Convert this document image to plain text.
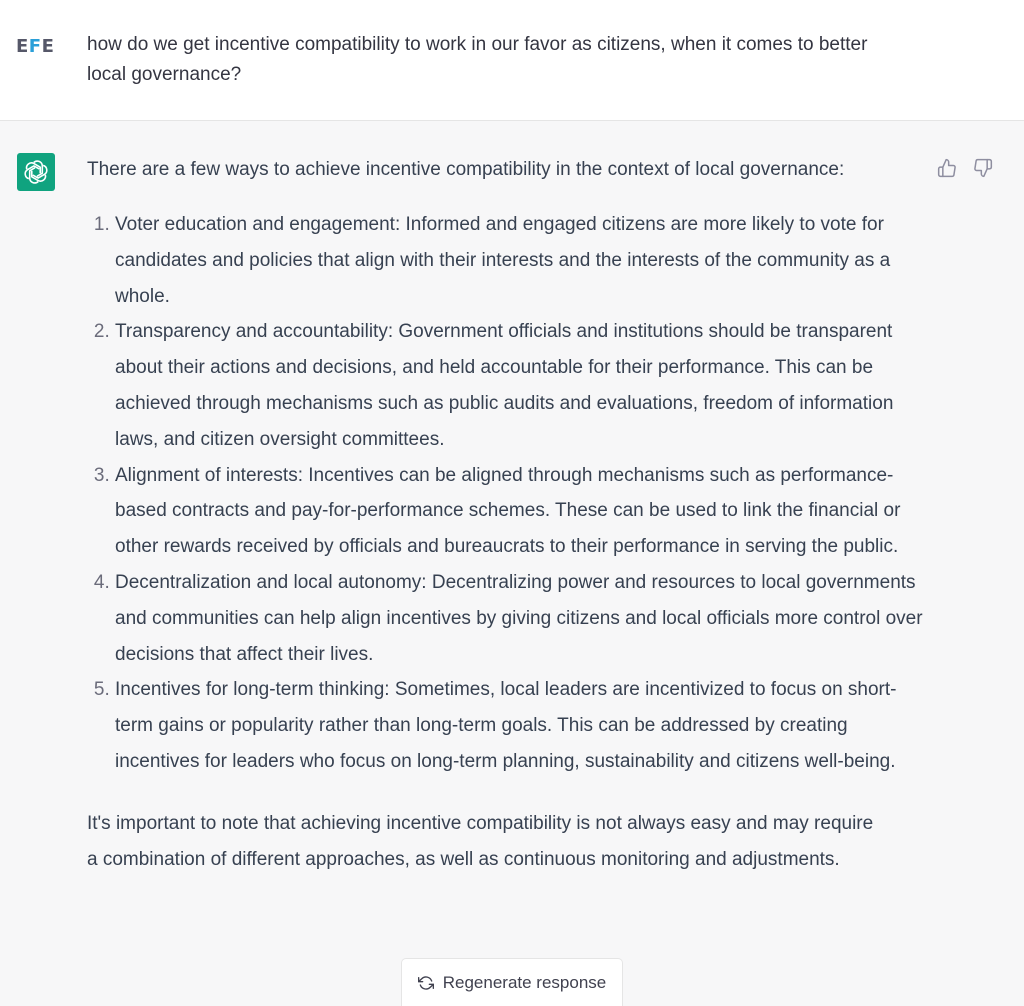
EFE how do we get incentive compatibility to work in our favor as citizens, when it comes to better local governance?

There are a few ways to achieve incentive compatibility in the context of local governance:

1. Voter education and engagement: Informed and engaged citizens are more likely to vote for candidates and policies that align with their interests and the interests of the community as a whole.
2. Transparency and accountability: Government officials and institutions should be transparent about their actions and decisions, and held accountable for their performance. This can be achieved through mechanisms such as public audits and evaluations, freedom of information laws, and citizen oversight committees.
3. Alignment of interests: Incentives can be aligned through mechanisms such as performance-based contracts and pay-for-performance schemes. These can be used to link the financial or other rewards received by officials and bureaucrats to their performance in serving the public.
4. Decentralization and local autonomy: Decentralizing power and resources to local governments and communities can help align incentives by giving citizens and local officials more control over decisions that affect their lives.
5. Incentives for long-term thinking: Sometimes, local leaders are incentivized to focus on short-term gains or popularity rather than long-term goals. This can be addressed by creating incentives for leaders who focus on long-term planning, sustainability and citizens well-being.

It's important to note that achieving incentive compatibility is not always easy and may require a combination of different approaches, as well as continuous monitoring and adjustments.

Regenerate response
